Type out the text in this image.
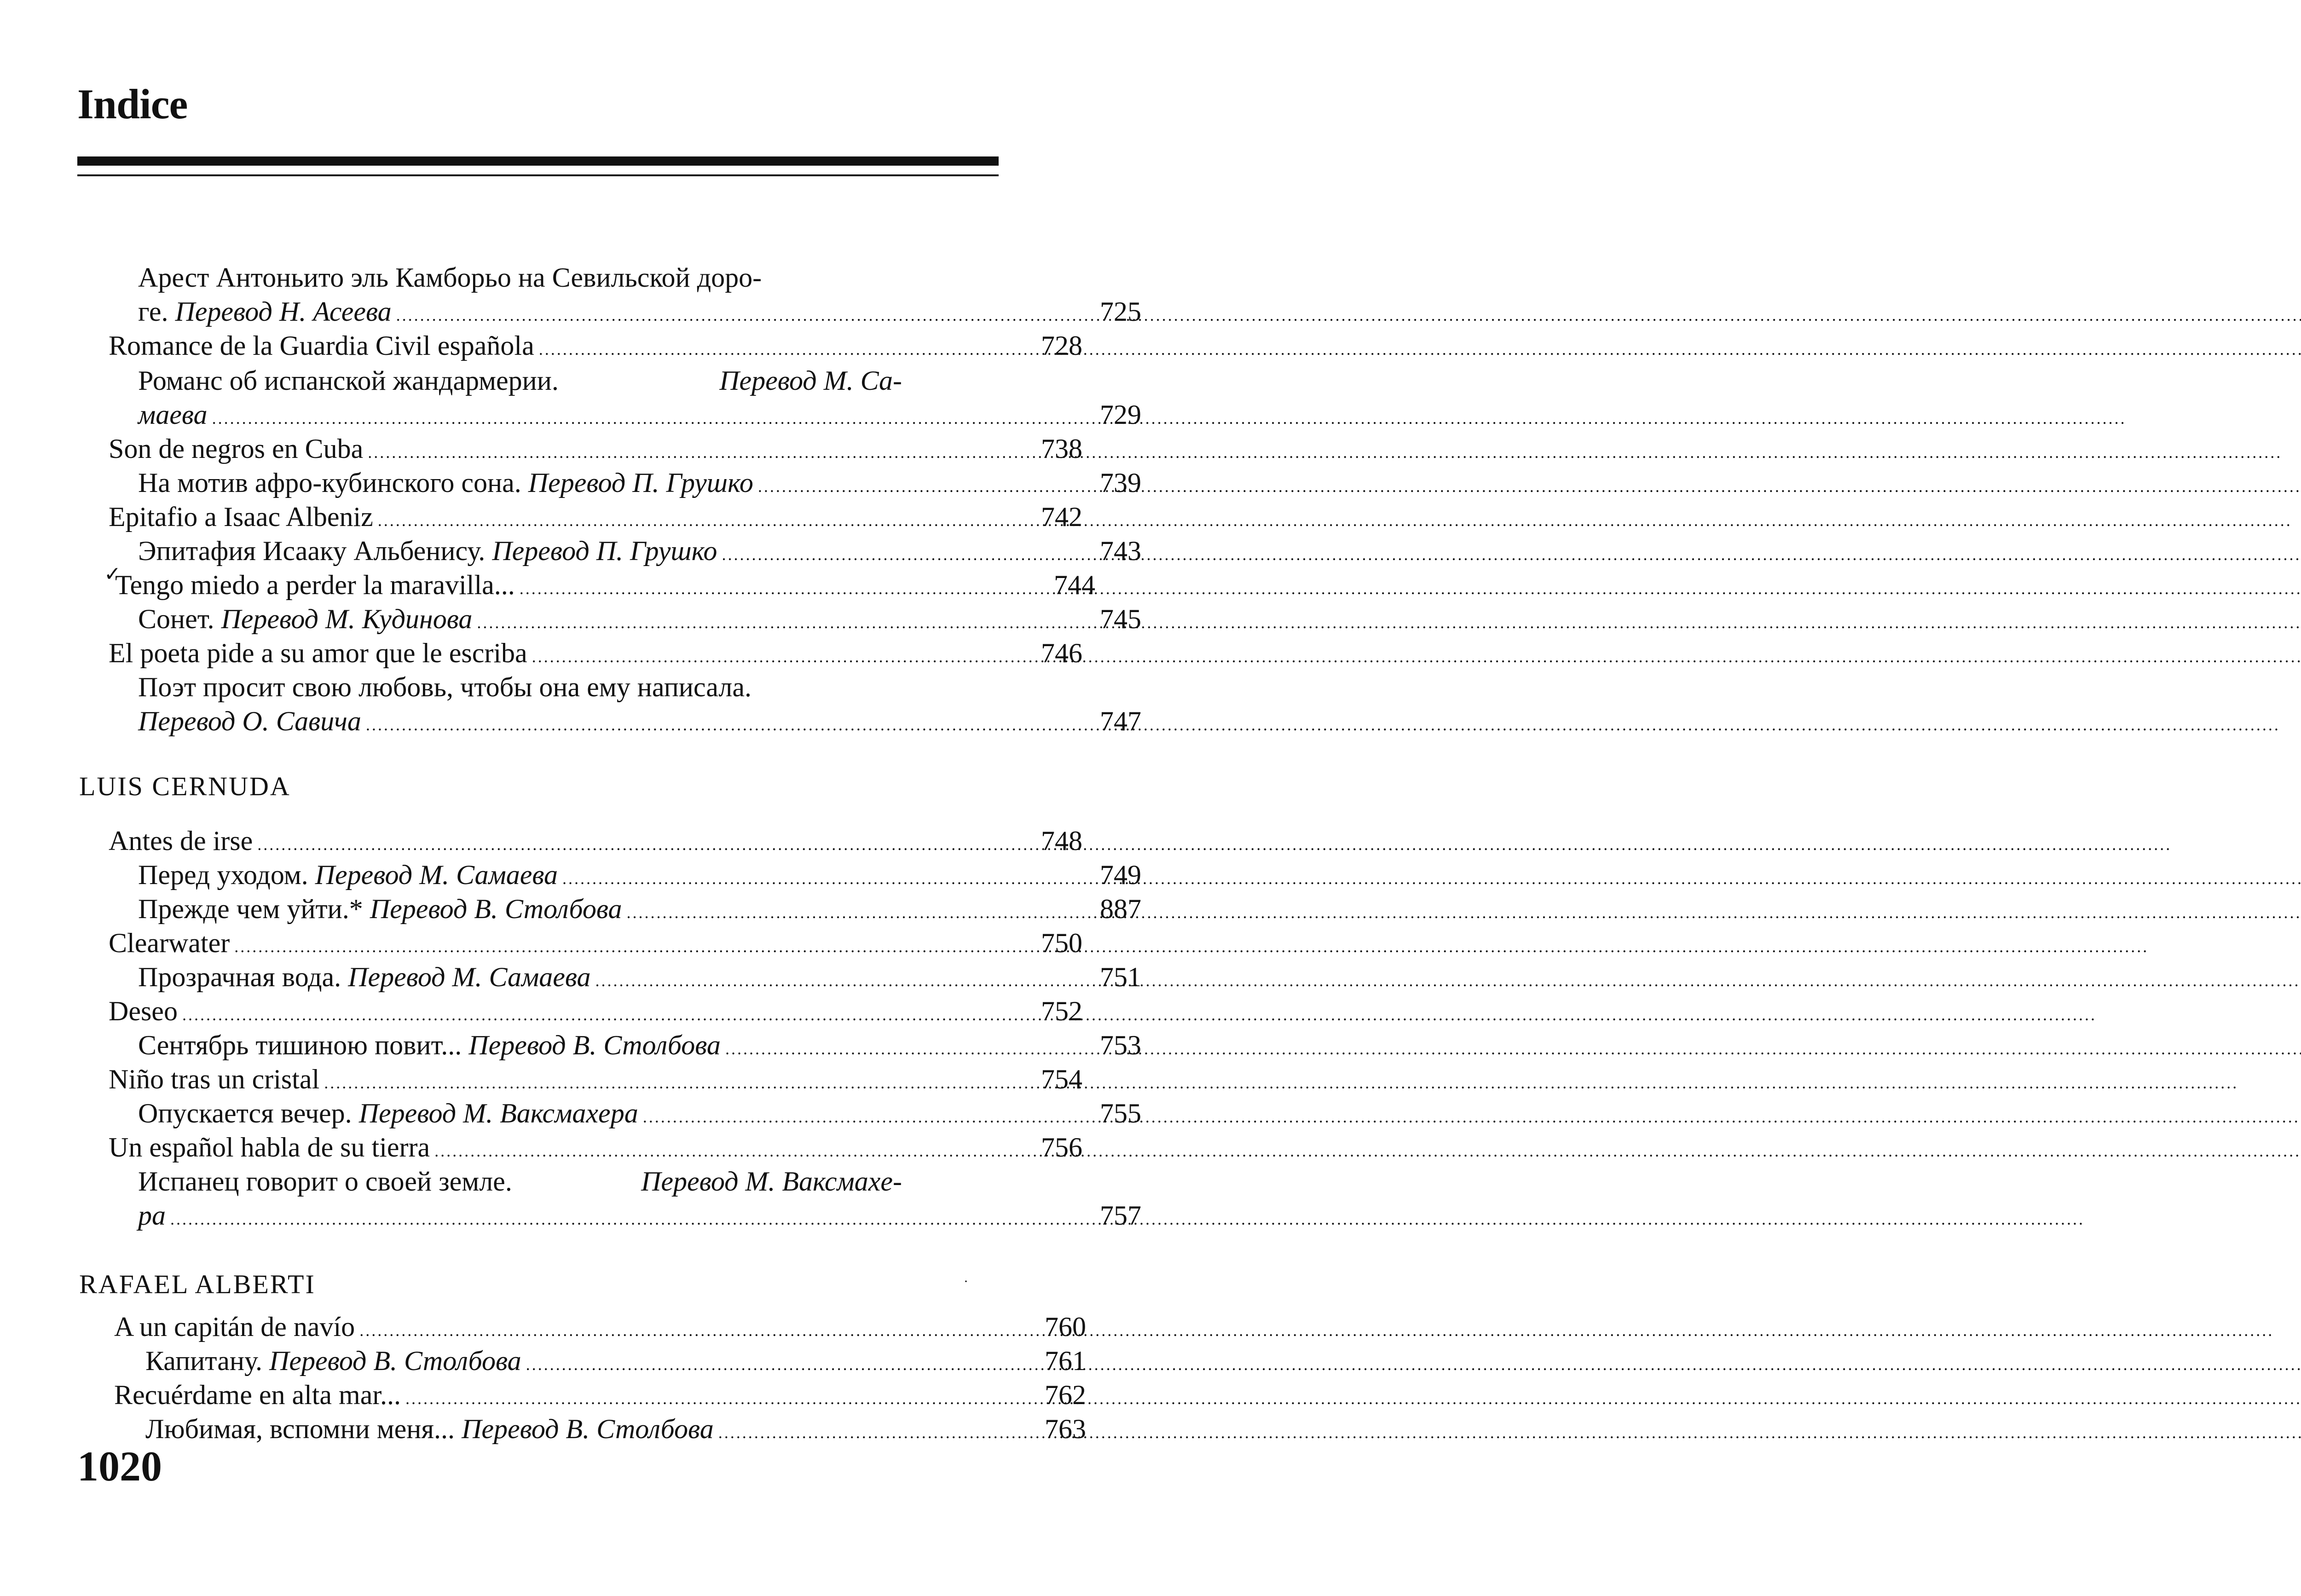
Indice
Арест Антоньито эль Камборьо на Севильской доро-
ге. Перевод Н. Асеева .....	725
Romance de la Guardia Civil española .....	728
Романс об испанской жандармерии.	Перевод М. Са-
маева .....	729
Son de negros en Cuba .....	738
На мотив афро-кубинского сона. Перевод П. Грушко .....	739
Epitafio a Isaac Albeniz .....	742
Эпитафия Исааку Альбенису. Перевод П. Грушко .....	743
✓
Tengo miedo a perder la maravilla... .....	744
Сонет. Перевод М. Кудинова .....	745
El poeta pide a su amor que le escriba .....	746
Поэт просит свою любовь, чтобы она ему написала.
Перевод О. Савича .....	747
LUIS CERNUDA
Antes de irse .....	748
Перед уходом. Перевод М. Самаева .....	749
Прежде чем уйти.* Перевод В. Столбова .....	887
Clearwater .....	750
Прозрачная вода. Перевод М. Самаева .....	751
Deseo .....	752
Сентябрь тишиною повит... Перевод В. Столбова .....	753
Niño tras un cristal .....	754
Опускается вечер. Перевод М. Ваксмахера .....	755
Un español habla de su tierra .....	756
Испанец говорит о своей земле.	Перевод М. Ваксмахе-
ра .....	757
RAFAEL ALBERTI	·
A un capitán de navío .....	760
Капитану. Перевод В. Столбова .....	761
Recuérdame en alta mar... .....	762
Любимая, вспомни меня... Перевод В. Столбова .....	763
1020
